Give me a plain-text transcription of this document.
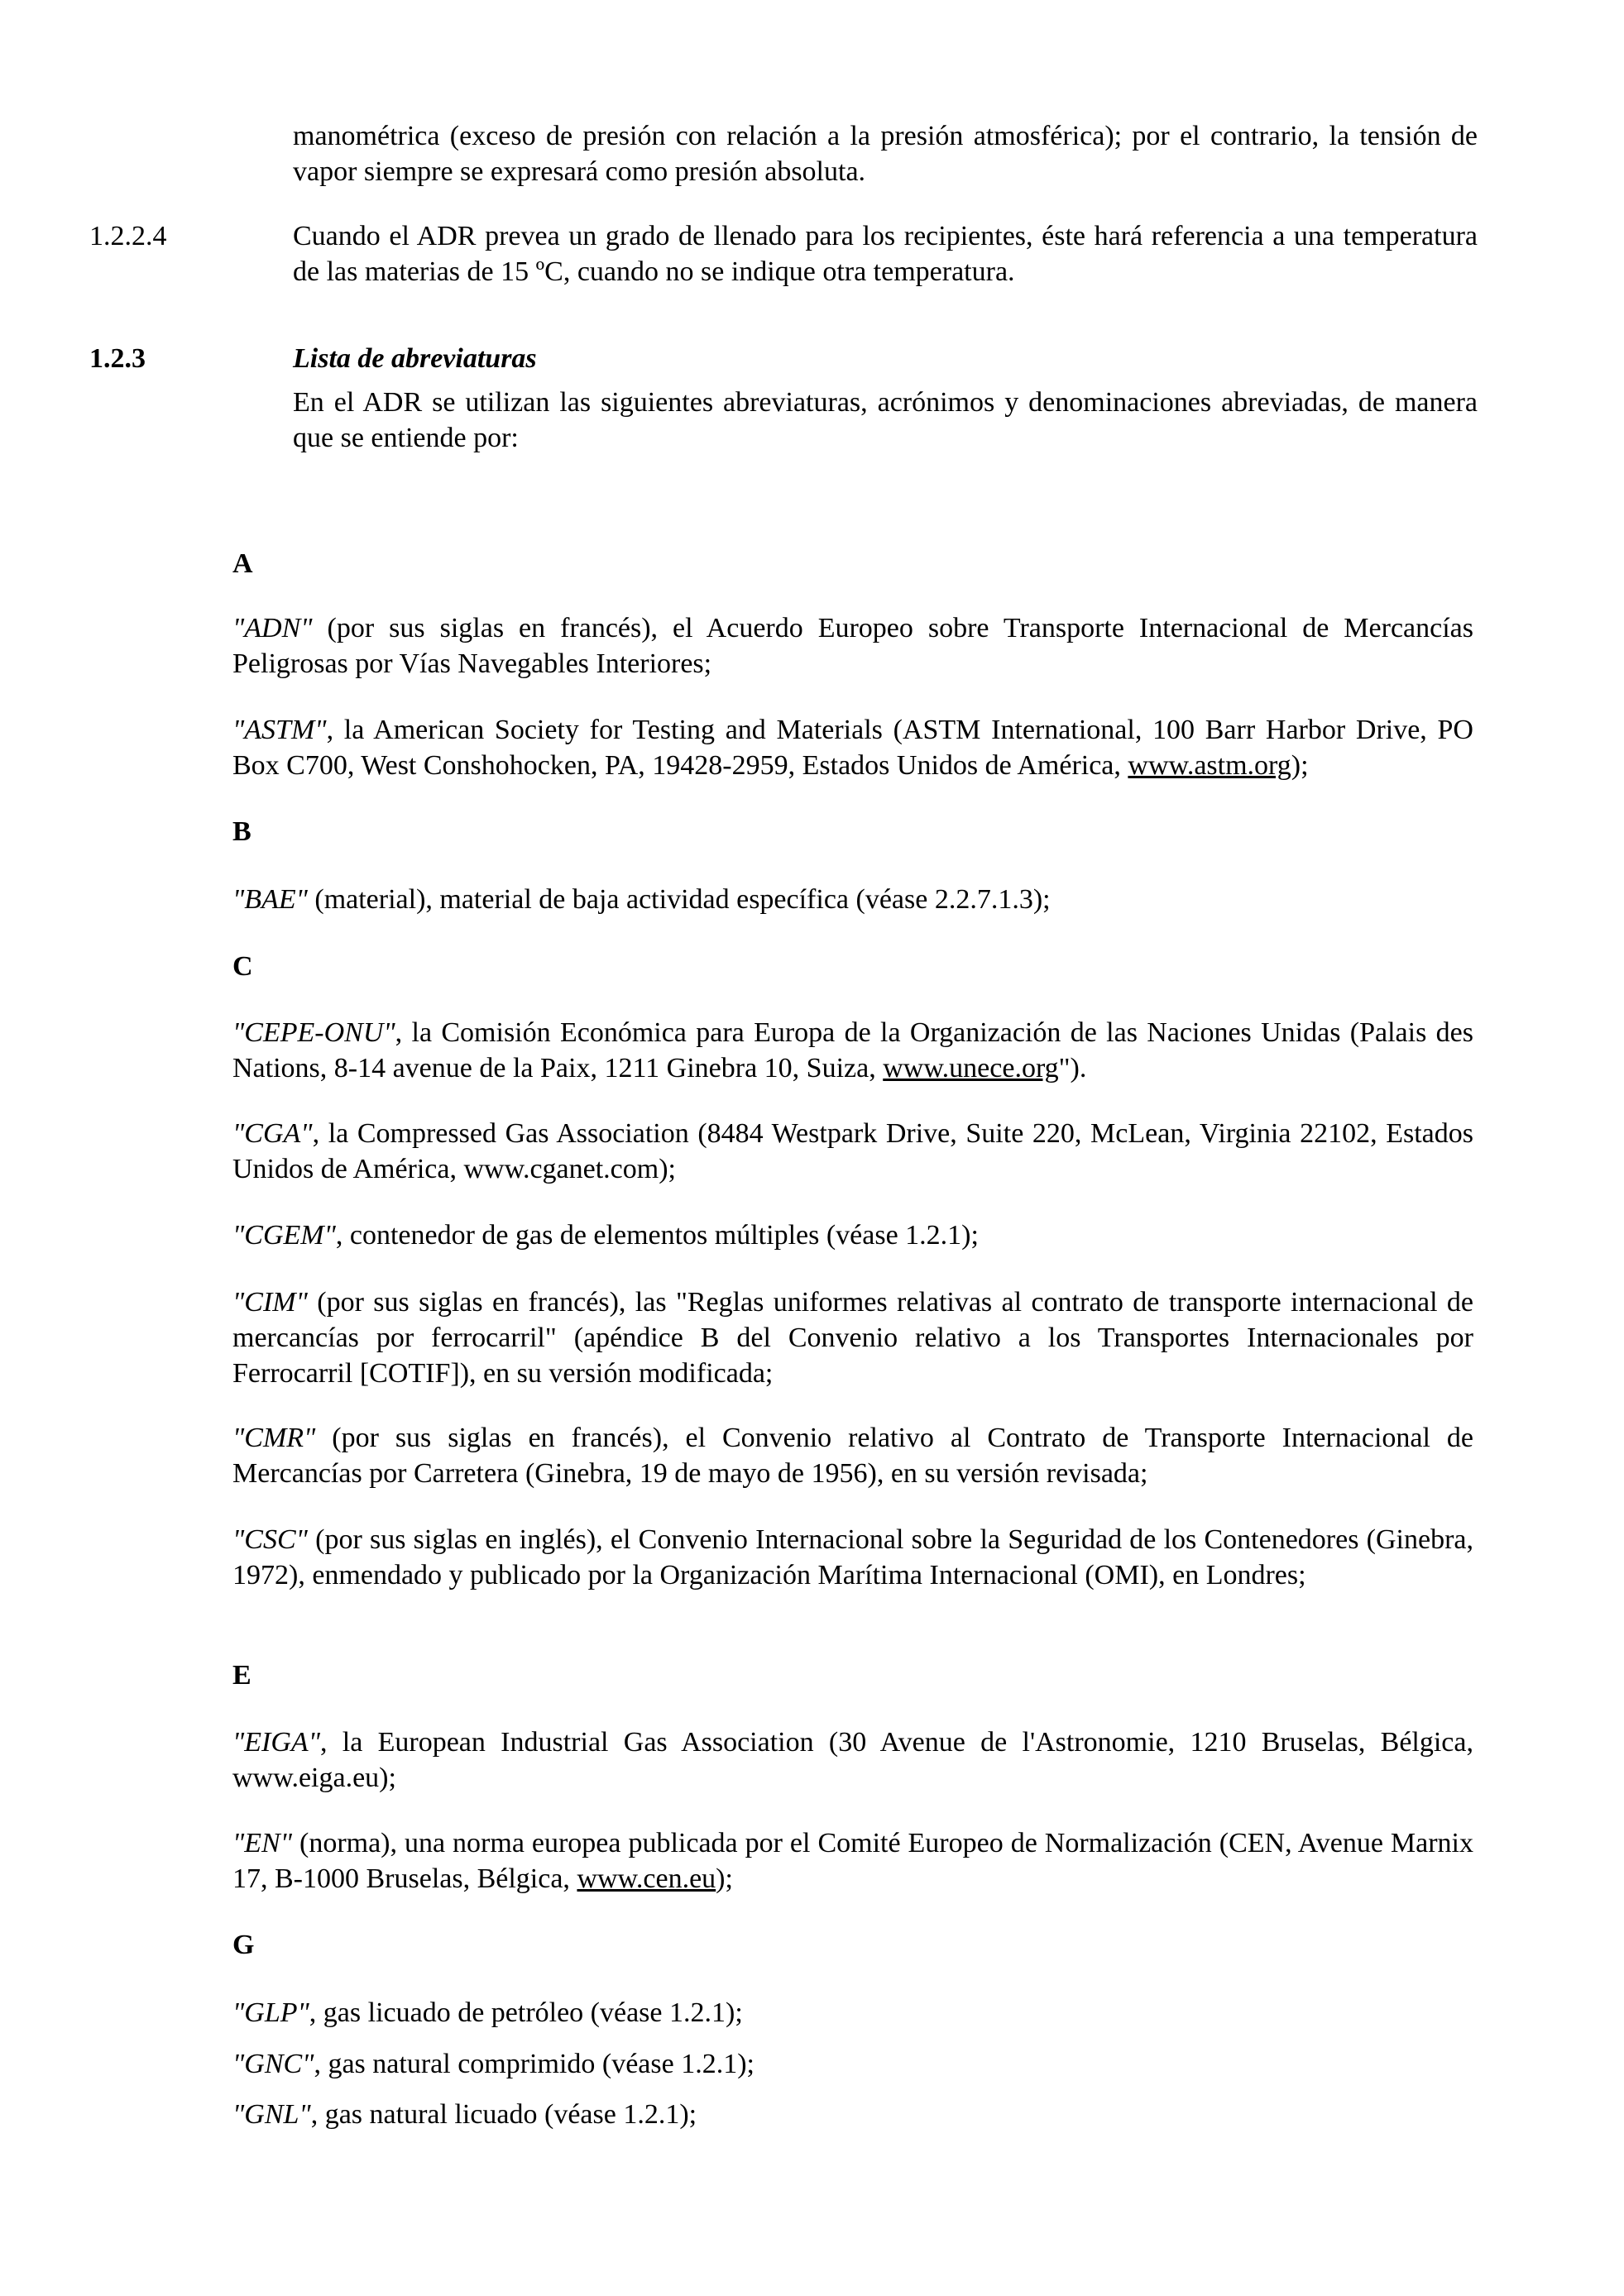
manométrica (exceso de presión con relación a la presión atmosférica); por el contrario, la tensión de vapor siempre se expresará como presión absoluta.

1.2.2.4	Cuando el ADR prevea un grado de llenado para los recipientes, éste hará referencia a una temperatura de las materias de 15 ºC, cuando no se indique otra temperatura.

1.2.3	Lista de abreviaturas

En el ADR se utilizan las siguientes abreviaturas, acrónimos y denominaciones abreviadas, de manera que se entiende por:

A

"ADN" (por sus siglas en francés), el Acuerdo Europeo sobre Transporte Internacional de Mercancías Peligrosas por Vías Navegables Interiores;

"ASTM", la American Society for Testing and Materials (ASTM International, 100 Barr Harbor Drive, PO Box C700, West Conshohocken, PA, 19428-2959, Estados Unidos de América, www.astm.org);

B

"BAE" (material), material de baja actividad específica (véase 2.2.7.1.3);

C

"CEPE-ONU", la Comisión Económica para Europa de la Organización de las Naciones Unidas (Palais des Nations, 8-14 avenue de la Paix, 1211 Ginebra 10, Suiza, www.unece.org").

"CGA", la Compressed Gas Association (8484 Westpark Drive, Suite 220, McLean, Virginia 22102, Estados Unidos de América, www.cganet.com);

"CGEM", contenedor de gas de elementos múltiples (véase 1.2.1);

"CIM" (por sus siglas en francés), las "Reglas uniformes relativas al contrato de transporte internacional de mercancías por ferrocarril" (apéndice B del Convenio relativo a los Transportes Internacionales por Ferrocarril [COTIF]), en su versión modificada;

"CMR" (por sus siglas en francés), el Convenio relativo al Contrato de Transporte Internacional de Mercancías por Carretera (Ginebra, 19 de mayo de 1956), en su versión revisada;

"CSC" (por sus siglas en inglés), el Convenio Internacional sobre la Seguridad de los Contenedores (Ginebra, 1972), enmendado y publicado por la Organización Marítima Internacional (OMI), en Londres;

E

"EIGA", la European Industrial Gas Association (30 Avenue de l'Astronomie, 1210 Bruselas, Bélgica, www.eiga.eu);

"EN" (norma), una norma europea publicada por el Comité Europeo de Normalización (CEN, Avenue Marnix 17, B-1000 Bruselas, Bélgica, www.cen.eu);

G

"GLP", gas licuado de petróleo (véase 1.2.1);

"GNC", gas natural comprimido (véase 1.2.1);

"GNL", gas natural licuado (véase 1.2.1);
